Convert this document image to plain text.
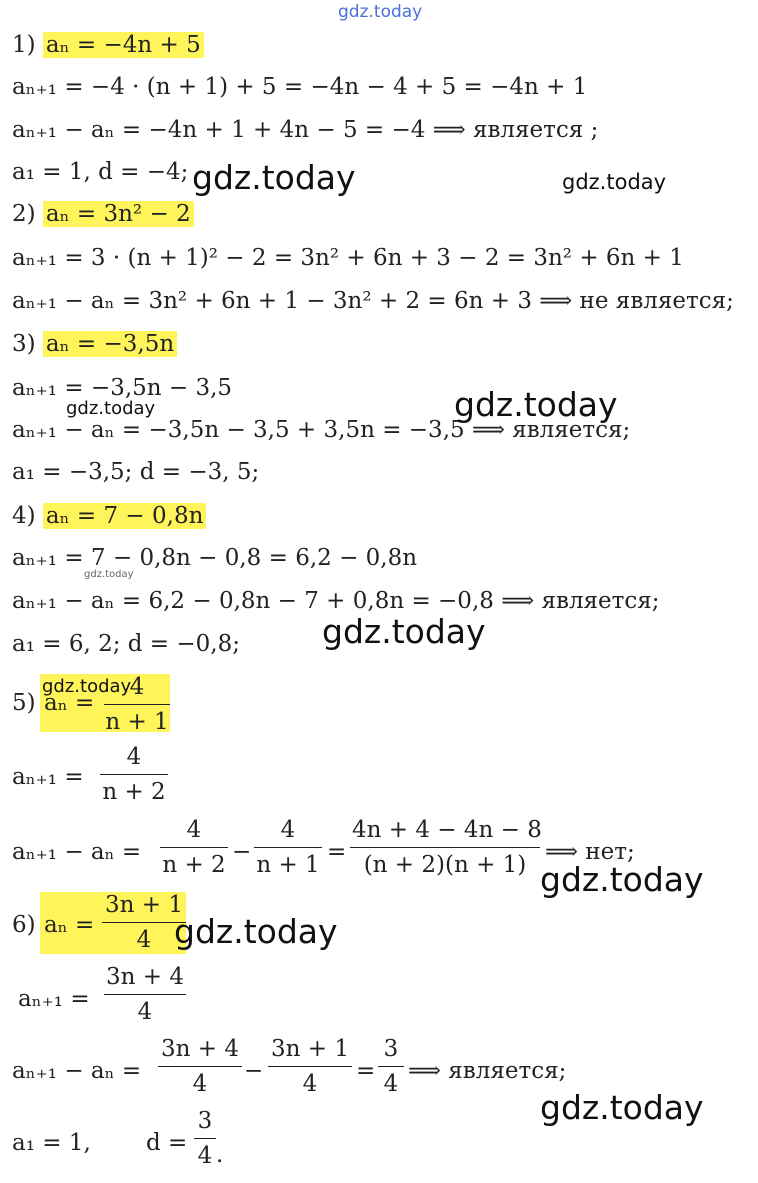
gdz.today
1) aₙ = −4n + 5
aₙ₊₁ = −4 · (n + 1) + 5 = −4n − 4 + 5 = −4n + 1
aₙ₊₁ − aₙ = −4n + 1 + 4n − 5 = −4 ⟹ является ;
a₁ = 1, d = −4;
2) aₙ = 3n² − 2
aₙ₊₁ = 3 · (n + 1)² − 2 = 3n² + 6n + 3 − 2 = 3n² + 6n + 1
aₙ₊₁ − aₙ = 3n² + 6n + 1 − 3n² + 2 = 6n + 3 ⟹ не является;
3) aₙ = −3,5n
aₙ₊₁ = −3,5n − 3,5
aₙ₊₁ − aₙ = −3,5n − 3,5 + 3,5n = −3,5 ⟹ является;
a₁ = −3,5; d = −3, 5;
4) aₙ = 7 − 0,8n
aₙ₊₁ = 7 − 0,8n − 0,8 = 6,2 − 0,8n
aₙ₊₁ − aₙ = 6,2 − 0,8n − 7 + 0,8n = −0,8 ⟹ является;
a₁ = 6, 2; d = −0,8;
5) $a_n = \frac{4}{n + 1}$
$a_{n+1} = \frac{4}{n + 2}$
$a_{n+1} - a_n = \frac{4}{n + 2} - \frac{4}{n + 1} = \frac{4n + 4 - 4n - 8}{(n + 2)(n + 1)}$ ⟹ нет;
6) $a_n = \frac{3n + 1}{4}$
$a_{n+1} = \frac{3n + 4}{4}$
$a_{n+1} - a_n = \frac{3n + 4}{4} - \frac{3n + 1}{4} = \frac{3}{4}$ ⟹ является;
a₁ = 1, $d = \frac{3}{4}$ .
gdz.today	gdz.today
gdz.today	gdz.today
gdz.today
gdz.today
gdz.today
gdz.today
gdz.today
gdz.today
